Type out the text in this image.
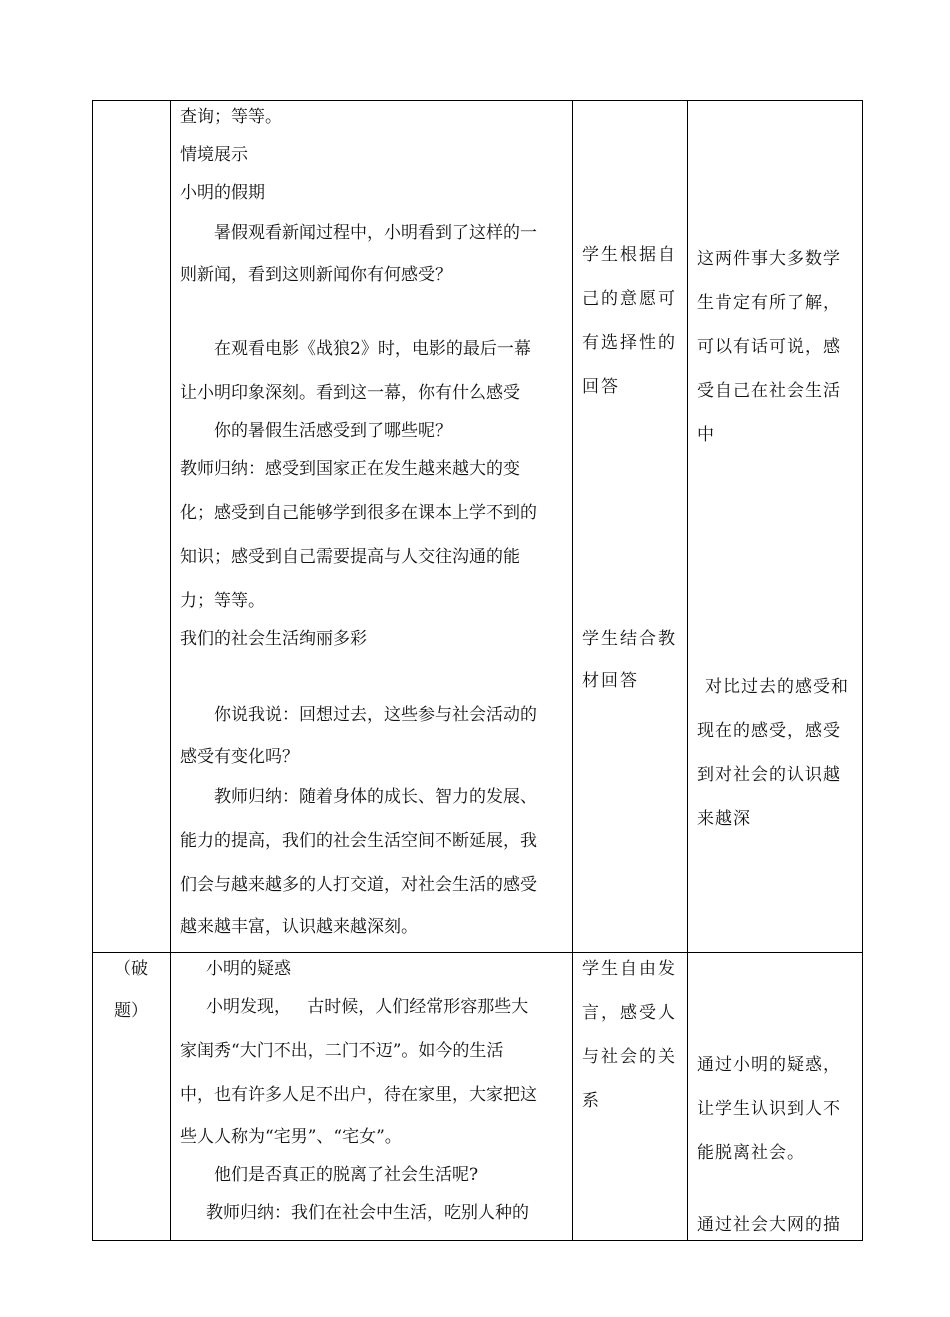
查询；等等。
情境展示
小明的假期
暑假观看新闻过程中，小明看到了这样的一
则新闻，看到这则新闻你有何感受？
在观看电影《战狼2》时，电影的最后一幕
让小明印象深刻。看到这一幕，你有什么感受
你的暑假生活感受到了哪些呢？
教师归纳：感受到国家正在发生越来越大的变
化；感受到自己能够学到很多在课本上学不到的
知识；感受到自己需要提高与人交往沟通的能
力；等等。
我们的社会生活绚丽多彩
你说我说：回想过去，这些参与社会活动的
感受有变化吗？
教师归纳：随着身体的成长、智力的发展、
能力的提高，我们的社会生活空间不断延展，我
们会与越来越多的人打交道，对社会生活的感受
越来越丰富，认识越来越深刻。
学生根据自
己的意愿可
有选择性的
回答
学生结合教
材回答
这两件事大多数学
生肯定有所了解，
可以有话可说，感
受自己在社会生活
中
对比过去的感受和
现在的感受，感受
到对社会的认识越
来越深
（破
题）
小明的疑惑
小明发现，   古时候，人们经常形容那些大
家闺秀“大门不出，二门不迈”。如今的生活
中，也有许多人足不出户，待在家里，大家把这
些人人称为“宅男”、“宅女”。
他们是否真正的脱离了社会生活呢?
教师归纳：我们在社会中生活，吃别人种的
学生自由发
言，感受人
与社会的关
系
通过小明的疑惑，
让学生认识到人不
能脱离社会。
通过社会大网的描
